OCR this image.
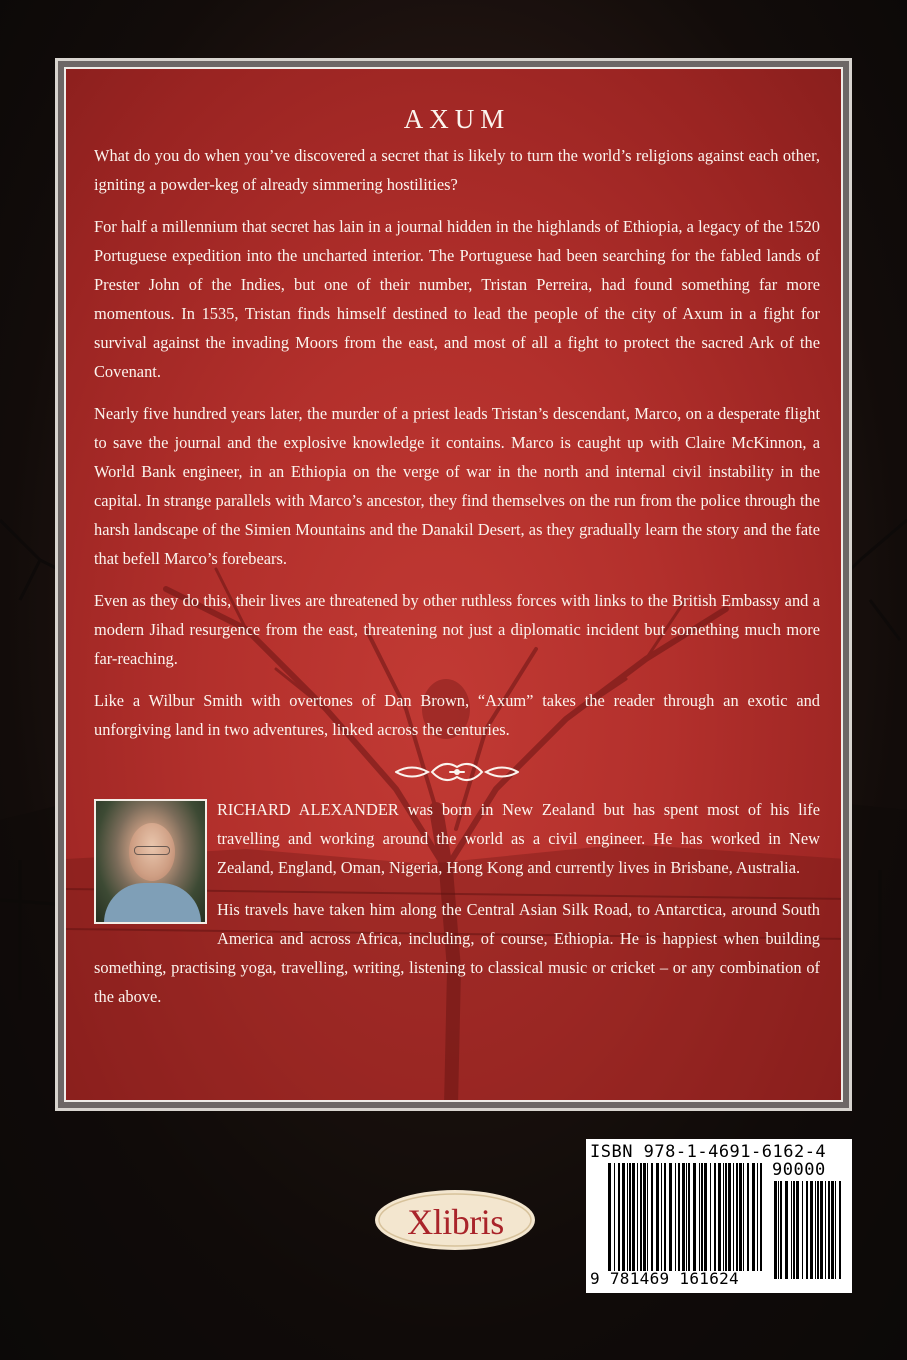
AXUM

What do you do when you’ve discovered a secret that is likely to turn the world’s religions against each other, igniting a powder-keg of already simmering hostilities?

For half a millennium that secret has lain in a journal hidden in the highlands of Ethiopia, a legacy of the 1520 Portuguese expedition into the uncharted interior. The Portuguese had been searching for the fabled lands of Prester John of the Indies, but one of their number, Tristan Perreira, had found something far more momentous. In 1535, Tristan finds himself destined to lead the people of the city of Axum in a fight for survival against the invading Moors from the east, and most of all a fight to protect the sacred Ark of the Covenant.

Nearly five hundred years later, the murder of a priest leads Tristan’s descendant, Marco, on a desperate flight to save the journal and the explosive knowledge it contains. Marco is caught up with Claire McKinnon, a World Bank engineer, in an Ethiopia on the verge of war in the north and internal civil instability in the capital. In strange parallels with Marco’s ancestor, they find themselves on the run from the police through the harsh landscape of the Simien Mountains and the Danakil Desert, as they gradually learn the story and the fate that befell Marco’s forebears.

Even as they do this, their lives are threatened by other ruthless forces with links to the British Embassy and a modern Jihad resurgence from the east, threatening not just a diplomatic incident but something much more far-reaching.

Like a Wilbur Smith with overtones of Dan Brown, “Axum” takes the reader through an exotic and unforgiving land in two adventures, linked across the centuries.

RICHARD ALEXANDER was born in New Zealand but has spent most of his life travelling and working around the world as a civil engineer. He has worked in New Zealand, England, Oman, Nigeria, Hong Kong and currently lives in Brisbane, Australia.

His travels have taken him along the Central Asian Silk Road, to Antarctica, around South America and across Africa, including, of course, Ethiopia. He is happiest when building something, practising yoga, travelling, writing, listening to classical music or cricket – or any combination of the above.

Xlibris
ISBN 978-1-4691-6162-4
90000
9 781469 161624
